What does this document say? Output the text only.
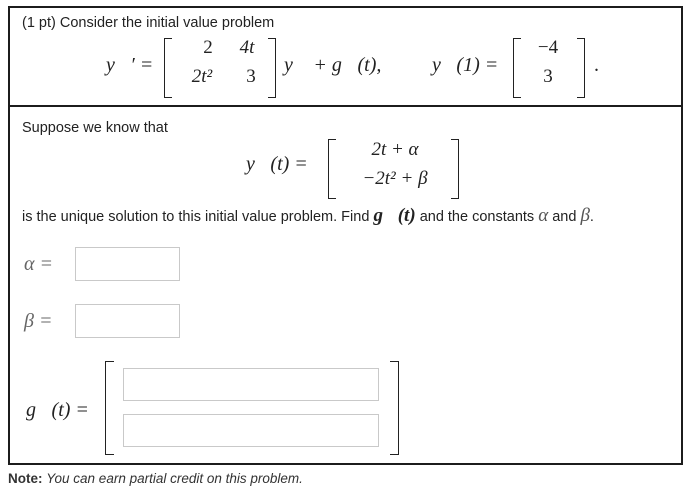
(1 pt) Consider the initial value problem
y⃗′ =
2	4t
2t²	3
y⃗ + g⃗(t),	y⃗(1) =
−4
3
.
Suppose we know that
y⃗(t) =
2t + α
−2t² + β
is the unique solution to this initial value problem. Find g⃗(t) and the constants α and β.
α =
β =
g⃗(t) =
Note: You can earn partial credit on this problem.
